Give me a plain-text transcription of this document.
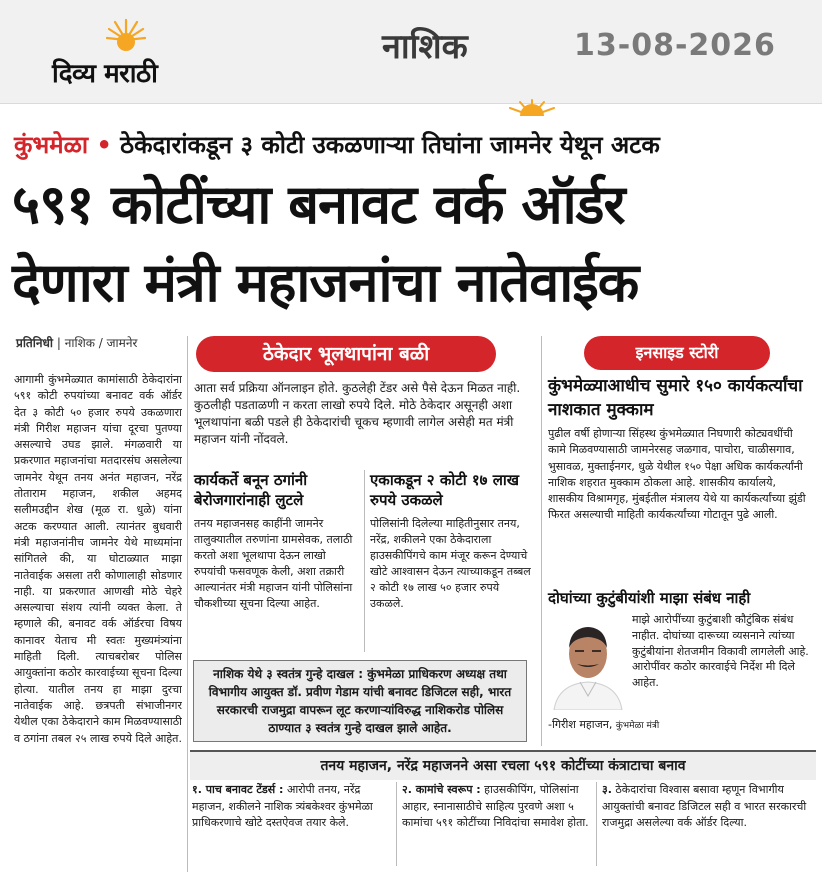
दिव्य मराठी
नाशिक	13-08-2026
कुंभमेळा • ठेकेदारांकडून ३ कोटी उकळणाऱ्या तिघांना जामनेर येथून अटक
५९१ कोटींच्या बनावट वर्क ऑर्डर
देणारा मंत्री महाजनांचा नातेवाईक
प्रतिनिधी | नाशिक / जामनेर
आगामी कुंभमेळ्यात कामांसाठी ठेकेदारांना ५९१ कोटी रुपयांच्या बनावट वर्क ऑर्डर देत ३ कोटी ५० हजार रुपये उकळणारा मंत्री गिरीश महाजन यांचा दूरचा पुतण्या असल्याचे उघड झाले. मंगळवारी या प्रकरणात महाजनांचा मतदारसंघ असलेल्या जामनेर येथून तनय अनंत महाजन, नरेंद्र तोताराम महाजन, शकील अहमद सलीमउद्दीन शेख (मूळ रा. धुळे) यांना अटक करण्यात आली. त्यानंतर बुधवारी मंत्री महाजनांनीच जामनेर येथे माध्यमांना सांगितले की, या घोटाळ्यात माझा नातेवाईक असला तरी कोणालाही सोडणार नाही. या प्रकरणात आणखी मोठे चेहरे असल्याचा संशय त्यांनी व्यक्त केला. ते म्हणाले की, बनावट वर्क ऑर्डरचा विषय कानावर येताच मी स्वतः मुख्यमंत्र्यांना माहिती दिली. त्याचबरोबर पोलिस आयुक्तांना कठोर कारवाईच्या सूचना दिल्या होत्या. यातील तनय हा माझा दुरचा नातेवाईक आहे. छत्रपती संभाजीनगर येथील एका ठेकेदाराने काम मिळवण्यासाठी व ठगांना तबल २५ लाख रुपये दिले आहेत.
ठेकेदार भूलथापांना बळी
आता सर्व प्रक्रिया ऑनलाइन होते. कुठलेही टेंडर असे पैसे देऊन मिळत नाही. कुठलीही पडताळणी न करता लाखो रुपये दिले. मोठे ठेकेदार असूनही अशा भूलथापांना बळी पडले ही ठेकेदारांची चूकच म्हणावी लागेल असेही मत मंत्री महाजन यांनी नोंदवले.
कार्यकर्ते बनून ठगांनी बेरोजगारांनाही लुटले
तनय महाजनसह काहींनी जामनेर तालुक्यातील तरुणांना ग्रामसेवक, तलाठी करतो अशा भूलथापा देऊन लाखो रुपयांची फसवणूक केली, अशा तक्रारी आल्यानंतर मंत्री महाजन यांनी पोलिसांना चौकशीच्या सूचना दिल्या आहेत.
एकाकडून २ कोटी १७ लाख रुपये उकळले
पोलिसांनी दिलेल्या माहितीनुसार तनय, नरेंद्र, शकीलने एका ठेकेदाराला हाउसकीपिंगचे काम मंजूर करून देण्याचे खोटे आश्वासन देऊन त्याच्याकडून तब्बल २ कोटी १७ लाख ५० हजार रुपये उकळले.
नाशिक येथे ३ स्वतंत्र गुन्हे दाखल : कुंभमेळा प्राधिकरण अध्यक्ष तथा विभागीय आयुक्त डॉ. प्रवीण गेडाम यांची बनावट डिजिटल सही, भारत सरकारची राजमुद्रा वापरून लूट करणाऱ्यांविरुद्ध नाशिकरोड पोलिस ठाण्यात ३ स्वतंत्र गुन्हे दाखल झाले आहेत.
इनसाइड स्टोरी
कुंभमेळ्याआधीच सुमारे १५० कार्यकर्त्यांचा नाशकात मुक्काम
पुढील वर्षी होणाऱ्या सिंहस्थ कुंभमेळ्यात निघणारी कोट्यवधींची कामे मिळवण्यासाठी जामनेरसह जळगाव, पाचोरा, चाळीसगाव, भुसावळ, मुक्ताईनगर, धुळे येथील १५० पेक्षा अधिक कार्यकर्त्यांनी नाशिक शहरात मुक्काम ठोकला आहे. शासकीय कार्यालये, शासकीय विश्रामगृह, मुंबईतील मंत्रालय येथे या कार्यकर्त्यांच्या झुंडी फिरत असल्याची माहिती कार्यकर्त्यांच्या गोटातून पुढे आली.
दोघांच्या कुटुंबीयांशी माझा संबंध नाही
माझे आरोपींच्या कुटुंबाशी कौटुंबिक संबंध नाहीत. दोघांच्या दारूच्या व्यसनाने त्यांच्या कुटुंबीयांना शेतजमीन विकावी लागलेली आहे. आरोपींवर कठोर कारवाईचे निर्देश मी दिले आहेत.
-गिरीश महाजन, कुंभमेळा मंत्री
तनय महाजन, नरेंद्र महाजनने असा रचला ५९१ कोटींच्या कंत्राटाचा बनाव
१. पाच बनावट टेंडर्स : आरोपी तनय, नरेंद्र महाजन, शकीलने नाशिक त्र्यंबकेश्वर कुंभमेळा प्राधिकरणाचे खोटे दस्तऐवज तयार केले.
२. कामांचे स्वरूप : हाउसकीपिंग, पोलिसांना आहार, स्नानासाठीचे साहित्य पुरवणे अशा ५ कामांचा ५९१ कोटींच्या निविदांचा समावेश होता.
३. ठेकेदारांचा विश्वास बसावा म्हणून विभागीय आयुक्तांची बनावट डिजिटल सही व भारत सरकारची राजमुद्रा असलेल्या वर्क ऑर्डर दिल्या.
